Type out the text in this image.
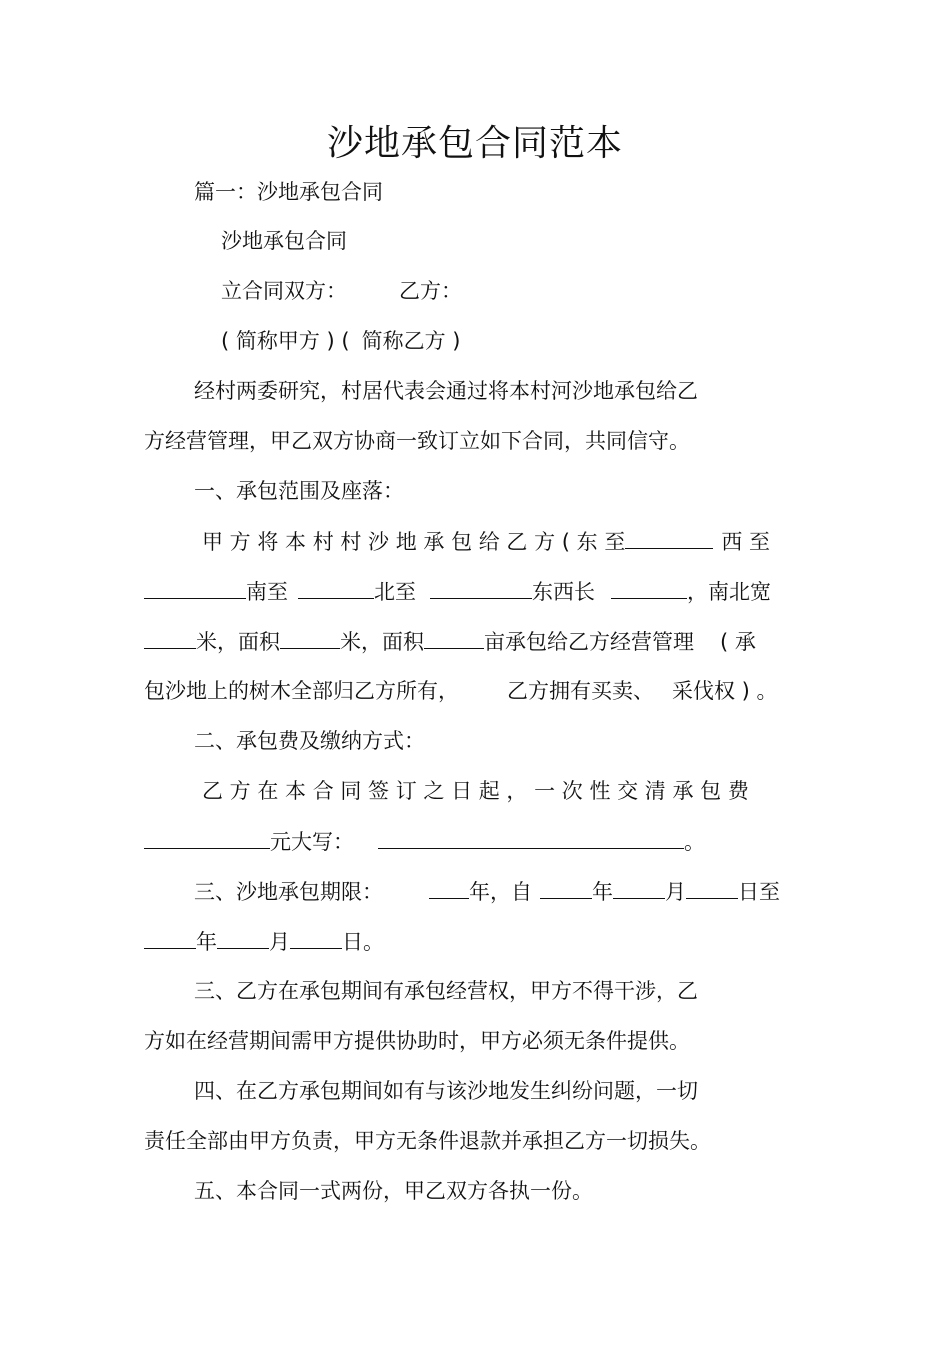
沙地承包合同范本
篇一：沙地承包合同
沙地承包合同
立合同双方： 乙方：
( 简称甲方 ) ( 简称乙方 )
经村两委研究，村居代表会通过将本村河沙地承包给乙
方经营管理，甲乙双方协商一致订立如下合同，共同信守。
一、承包范围及座落：
甲 方 将 本 村 村 沙 地 承 包 给 乙 方 ( 东 至	西 至
南至	北至	东西长	，南北宽
米，面积	米，面积	亩承包给乙方经营管理 ( 承
包沙地上的树木全部归乙方所有， 乙方拥有买卖、 采伐权 ) 。
二、承包费及缴纳方式：
乙 方 在 本 合 同 签 订 之 日 起 ， 一 次 性 交 清 承 包 费
元大写：	。
三、沙地承包期限：	年，自	年 月 日至
年 月 日。
三、乙方在承包期间有承包经营权，甲方不得干涉，乙
方如在经营期间需甲方提供协助时，甲方必须无条件提供。
四、在乙方承包期间如有与该沙地发生纠纷问题，一切
责任全部由甲方负责，甲方无条件退款并承担乙方一切损失。
五、本合同一式两份，甲乙双方各执一份。
